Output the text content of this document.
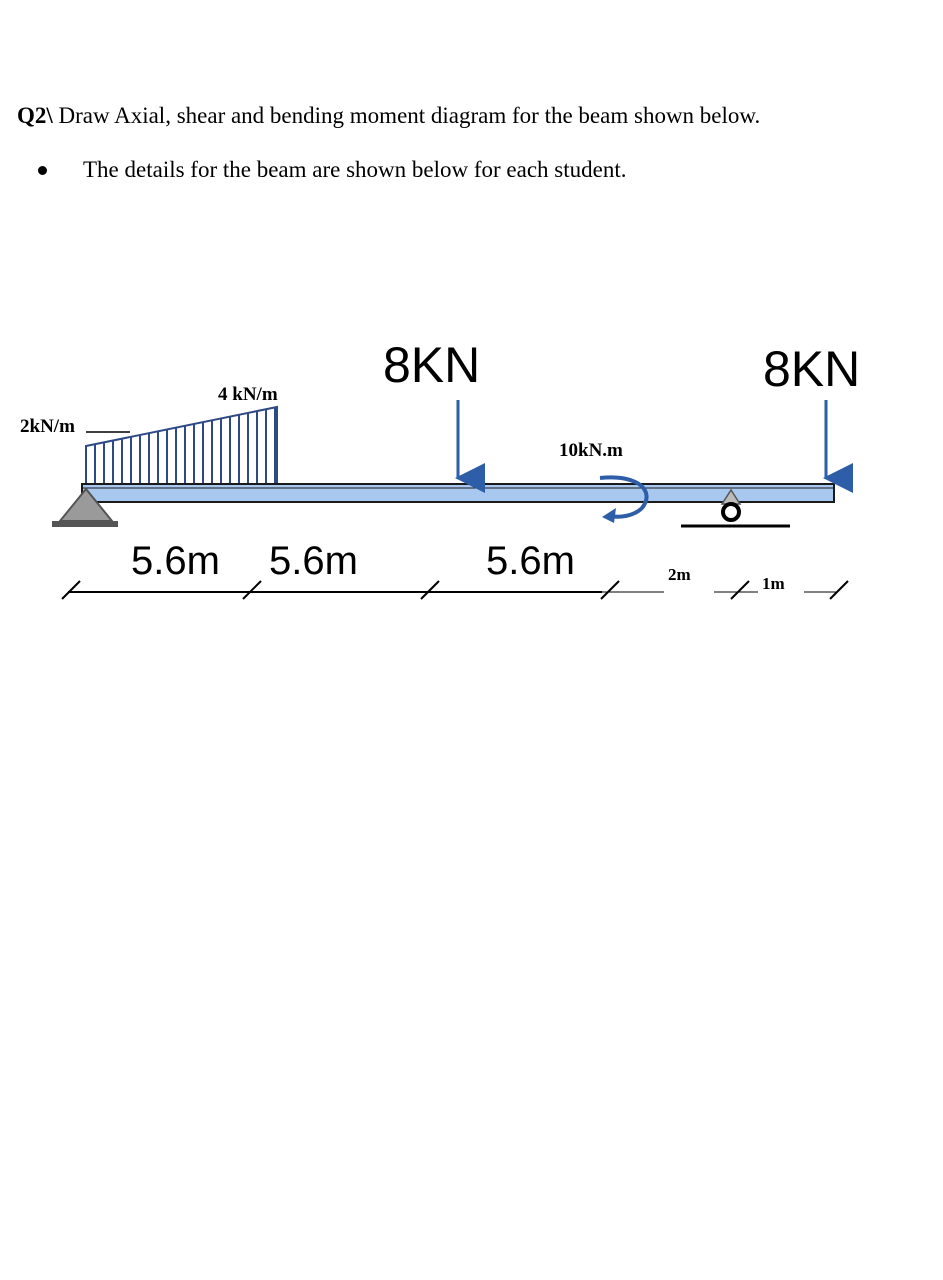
Q2\ Draw Axial, shear and bending moment diagram for the beam shown below.
The details for the beam are shown below for each student.
8KN	8KN
4 kN/m
2kN/m
10kN.m
5.6m 5.6m	5.6m	2m	1m
